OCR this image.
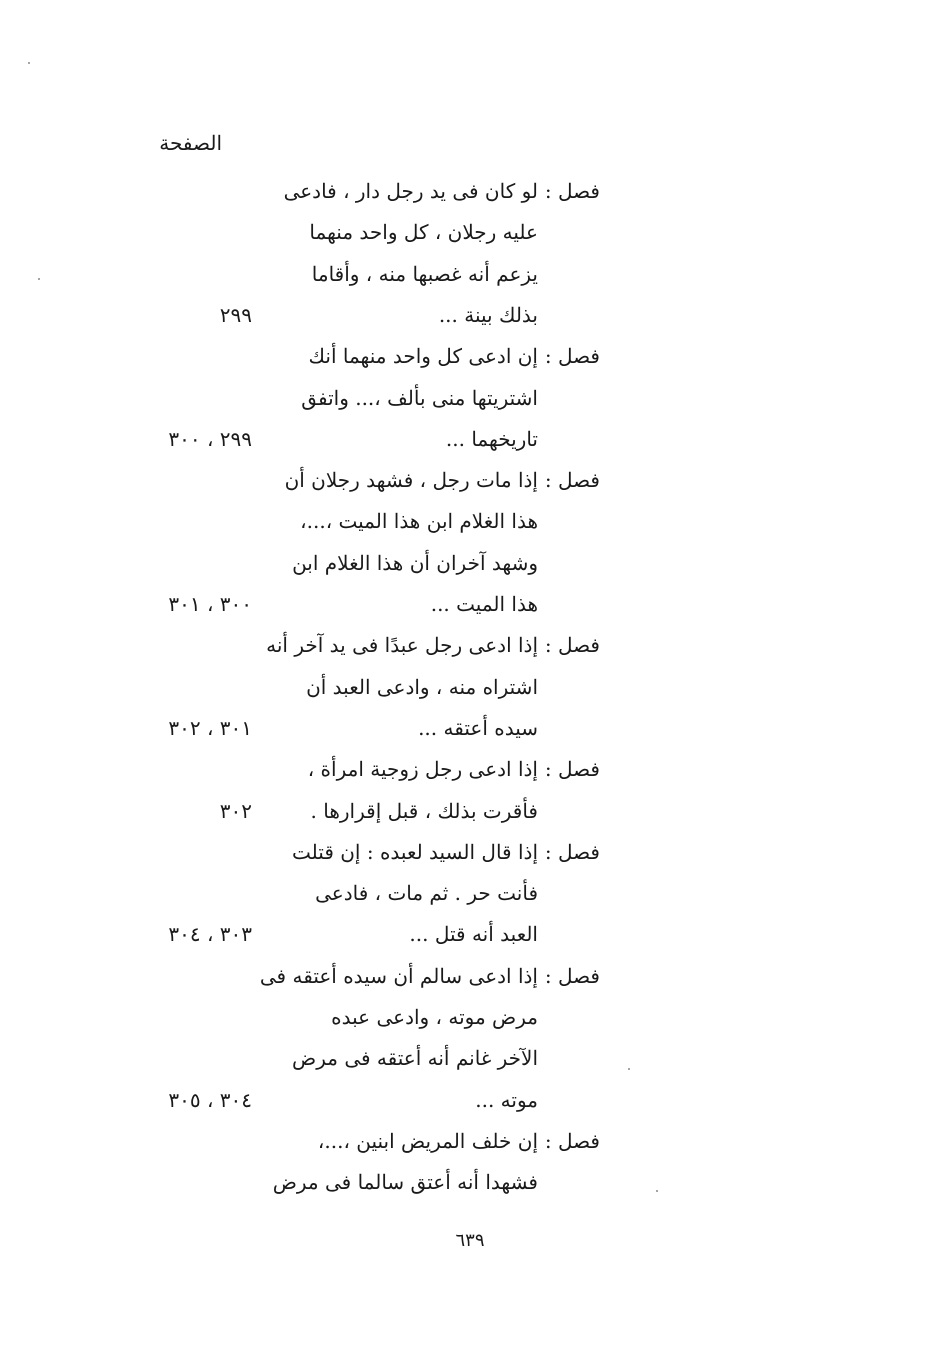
الصفحة
فصل :
لو كان فى يد رجل دار ، فادعى
عليه رجلان ، كل واحد منهما
يزعم أنه غصبها منه ، وأقاما
بذلك بينة ...
٢٩٩
فصل :
إن ادعى كل واحد منهما أنك
اشتريتها منى بألف ،... واتفق
تاريخهما ...
٢٩٩ ، ٣٠٠
فصل :
إذا مات رجل ، فشهد رجلان أن
هذا الغلام ابن هذا الميت ،...،
وشهد آخران أن هذا الغلام ابن
هذا الميت ...
٣٠٠ ، ٣٠١
فصل :
إذا ادعى رجل عبدًا فى يد آخر أنه
اشتراه منه ، وادعى العبد أن
سيده أعتقه ...
٣٠١ ، ٣٠٢
فصل :
إذا ادعى رجل زوجية امرأة ،
فأقرت بذلك ، قبل إقرارها .
٣٠٢
فصل :
إذا قال السيد لعبده : إن قتلت
فأنت حر . ثم مات ، فادعى
العبد أنه قتل ...
٣٠٣ ، ٣٠٤
فصل :
إذا ادعى سالم أن سيده أعتقه فى
مرض موته ، وادعى عبده
الآخر غانم أنه أعتقه فى مرض
موته ...
٣٠٤ ، ٣٠٥
فصل :
إن خلف المريض ابنين ،...،
فشهدا أنه أعتق سالما فى مرض
٦٣٩
